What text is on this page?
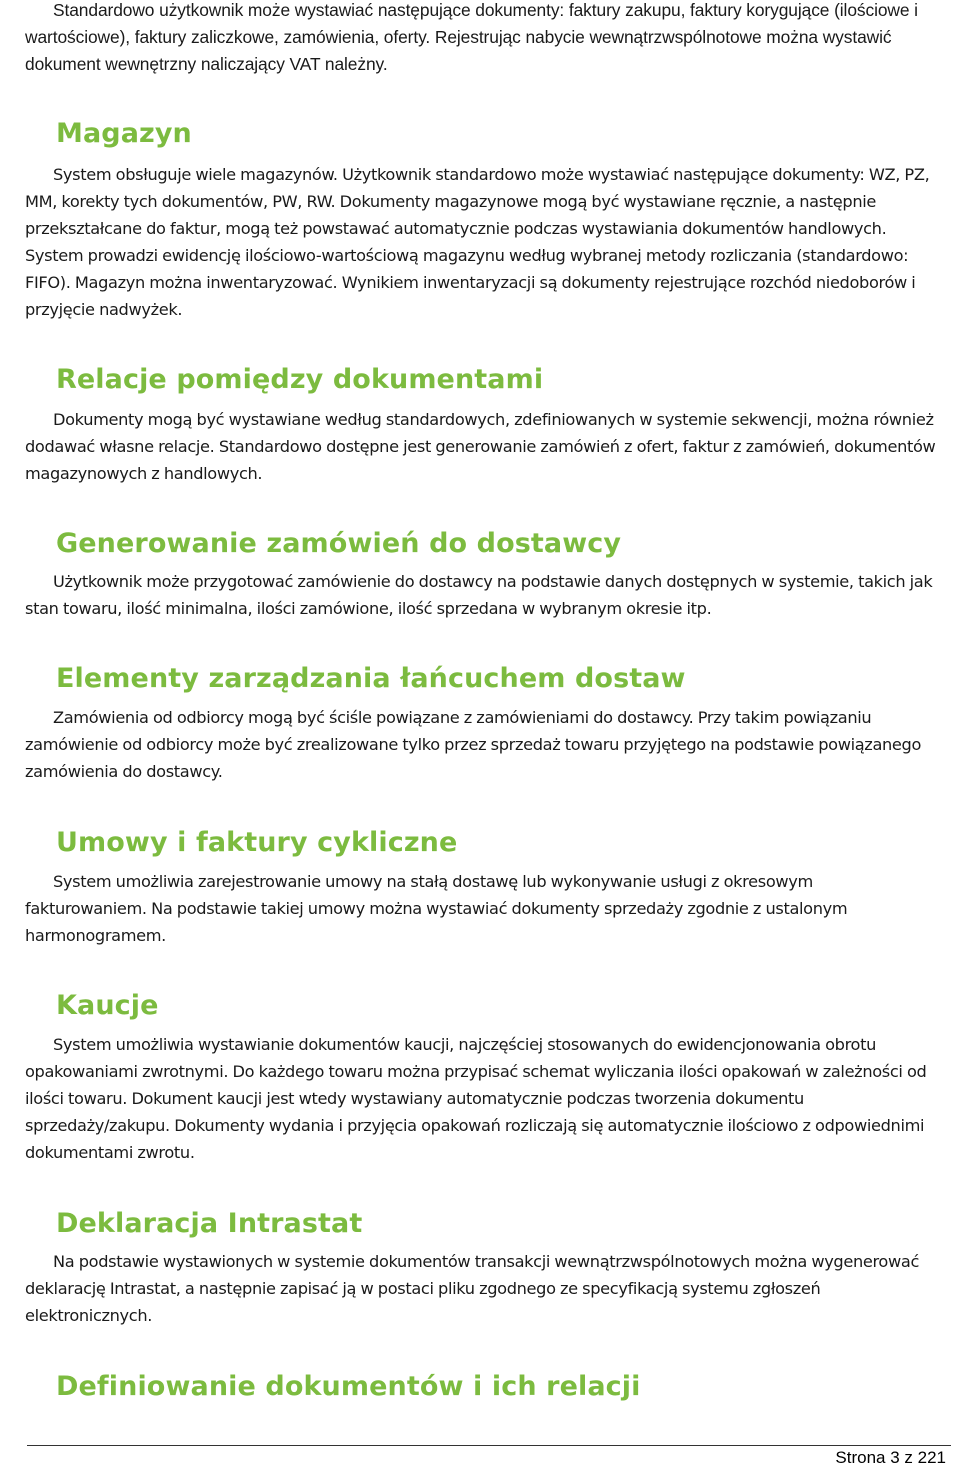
Standardowo użytkownik może wystawiać następujące dokumenty: faktury zakupu, faktury korygujące (ilościowe i wartościowe), faktury zaliczkowe, zamówienia, oferty. Rejestrując nabycie wewnątrzwspólnotowe można wystawić dokument wewnętrzny naliczający VAT należny.

Magazyn

System obsługuje wiele magazynów. Użytkownik standardowo może wystawiać następujące dokumenty: WZ, PZ, MM, korekty tych dokumentów, PW, RW. Dokumenty magazynowe mogą być wystawiane ręcznie, a następnie przekształcane do faktur, mogą też powstawać automatycznie podczas wystawiania dokumentów handlowych. System prowadzi ewidencję ilościowo-wartościową magazynu według wybranej metody rozliczania (standardowo: FIFO). Magazyn można inwentaryzować. Wynikiem inwentaryzacji są dokumenty rejestrujące rozchód niedoborów i przyjęcie nadwyżek.

Relacje pomiędzy dokumentami

Dokumenty mogą być wystawiane według standardowych, zdefiniowanych w systemie sekwencji, można również dodawać własne relacje. Standardowo dostępne jest generowanie zamówień z ofert, faktur z zamówień, dokumentów magazynowych z handlowych.

Generowanie zamówień do dostawcy

Użytkownik może przygotować zamówienie do dostawcy na podstawie danych dostępnych w systemie, takich jak stan towaru, ilość minimalna, ilości zamówione, ilość sprzedana w wybranym okresie itp.

Elementy zarządzania łańcuchem dostaw

Zamówienia od odbiorcy mogą być ściśle powiązane z zamówieniami do dostawcy. Przy takim powiązaniu zamówienie od odbiorcy może być zrealizowane tylko przez sprzedaż towaru przyjętego na podstawie powiązanego zamówienia do dostawcy.

Umowy i faktury cykliczne

System umożliwia zarejestrowanie umowy na stałą dostawę lub wykonywanie usługi z okresowym fakturowaniem. Na podstawie takiej umowy można wystawiać dokumenty sprzedaży zgodnie z ustalonym harmonogramem.

Kaucje

System umożliwia wystawianie dokumentów kaucji, najczęściej stosowanych do ewidencjonowania obrotu opakowaniami zwrotnymi. Do każdego towaru można przypisać schemat wyliczania ilości opakowań w zależności od ilości towaru. Dokument kaucji jest wtedy wystawiany automatycznie podczas tworzenia dokumentu sprzedaży/zakupu. Dokumenty wydania i przyjęcia opakowań rozliczają się automatycznie ilościowo z odpowiednimi dokumentami zwrotu.

Deklaracja Intrastat

Na podstawie wystawionych w systemie dokumentów transakcji wewnątrzwspólnotowych można wygenerować deklarację Intrastat, a następnie zapisać ją w postaci pliku zgodnego ze specyfikacją systemu zgłoszeń elektronicznych.

Definiowanie dokumentów i ich relacji
Strona 3 z 221
